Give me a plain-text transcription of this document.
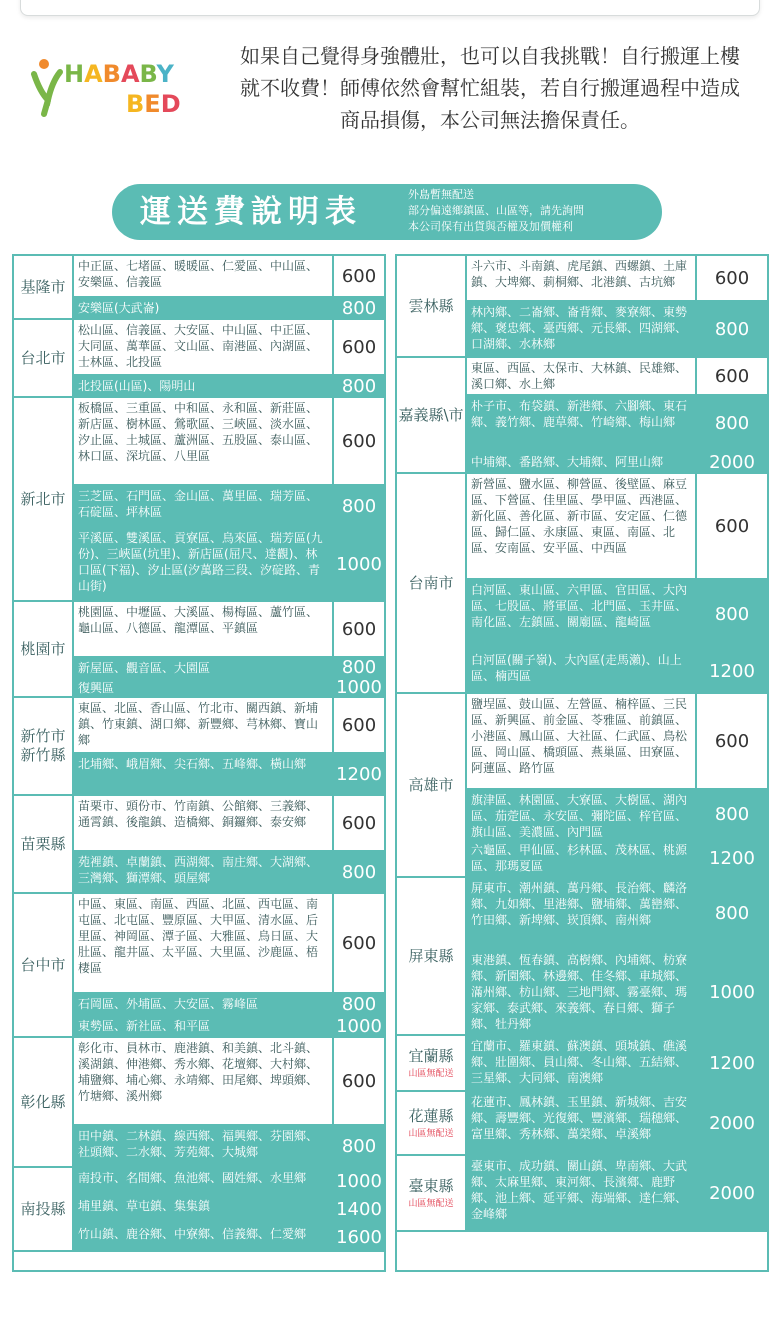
HABABY
BED
如果自己覺得身強體壯，也可以自我挑戰！自行搬運上樓
就不收費！師傅依然會幫忙組裝，若自行搬運過程中造成
商品損傷，本公司無法擔保責任。
運送費說明表	外島暫無配送
部分偏遠鄉鎮區、山區等，請先詢問
本公司保有出貨與否權及加價權利
基隆市
中正區、七堵區、暖暖區、仁愛區、中山區、安樂區、信義區	600
安樂區(大武崙)	800
台北市
松山區、信義區、大安區、中山區、中正區、大同區、萬華區、文山區、南港區、內湖區、士林區、北投區
600
北投區(山區)、陽明山	800
新北市
板橋區、三重區、中和區、永和區、新莊區、新店區、樹林區、鶯歌區、三峽區、淡水區、汐止區、土城區、蘆洲區、五股區、泰山區、林口區、深坑區、八里區
600
三芝區、石門區、金山區、萬里區、瑞芳區、石碇區、坪林區	800
平溪區、雙溪區、貢寮區、烏來區、瑞芳區(九份)、三峽區(坑里)、新店區(屈尺、達觀)、林口區(下福)、汐止區(汐萬路三段、汐碇路、青山街)
1000
桃園市
桃園區、中壢區、大溪區、楊梅區、蘆竹區、龜山區、八德區、龍潭區、平鎮區	600
新屋區、觀音區、大園區	800
復興區	1000
新竹市
新竹縣
東區、北區、香山區、竹北市、關西鎮、新埔鎮、竹東鎮、湖口鄉、新豐鄉、芎林鄉、寶山鄉
600
北埔鄉、峨眉鄉、尖石鄉、五峰鄉、橫山鄉	1200
苗栗縣
苗栗市、頭份市、竹南鎮、公館鄉、三義鄉、通霄鎮、後龍鎮、造橋鄉、銅鑼鄉、泰安鄉	600
苑裡鎮、卓蘭鎮、西湖鄉、南庄鄉、大湖鄉、三灣鄉、獅潭鄉、頭屋鄉	800
台中市
中區、東區、南區、西區、北區、西屯區、南屯區、北屯區、豐原區、大甲區、清水區、后里區、神岡區、潭子區、大雅區、烏日區、大肚區、龍井區、太平區、大里區、沙鹿區、梧棲區
600
石岡區、外埔區、大安區、霧峰區	800
東勢區、新社區、和平區	1000
彰化縣
彰化市、員林市、鹿港鎮、和美鎮、北斗鎮、溪湖鎮、伸港鄉、秀水鄉、花壇鄉、大村鄉、埔鹽鄉、埔心鄉、永靖鄉、田尾鄉、埤頭鄉、竹塘鄉、溪州鄉
600
田中鎮、二林鎮、線西鄉、福興鄉、芬園鄉、社頭鄉、二水鄉、芳苑鄉、大城鄉	800
南投縣
南投市、名間鄉、魚池鄉、國姓鄉、水里鄉	1000
埔里鎮、草屯鎮、集集鎮	1400
竹山鎮、鹿谷鄉、中寮鄉、信義鄉、仁愛鄉	1600
雲林縣
斗六市、斗南鎮、虎尾鎮、西螺鎮、土庫鎮、大埤鄉、莿桐鄉、北港鎮、古坑鄉	600
林內鄉、二崙鄉、崙背鄉、麥寮鄉、東勢鄉、褒忠鄉、臺西鄉、元長鄉、四湖鄉、口湖鄉、水林鄉
800
嘉義縣\市
東區、西區、太保市、大林鎮、民雄鄉、溪口鄉、水上鄉	600
朴子市、布袋鎮、新港鄉、六腳鄉、東石鄉、義竹鄉、鹿草鄉、竹崎鄉、梅山鄉	800
中埔鄉、番路鄉、大埔鄉、阿里山鄉	2000
台南市
新營區、鹽水區、柳營區、後壁區、麻豆區、下營區、佳里區、學甲區、西港區、新化區、善化區、新市區、安定區、仁德區、歸仁區、永康區、東區、南區、北區、安南區、安平區、中西區
600
白河區、東山區、六甲區、官田區、大內區、七股區、將軍區、北門區、玉井區、南化區、左鎮區、關廟區、龍崎區	800
白河區(關子嶺)、大內區(走馬瀨)、山上區、楠西區	1200
高雄市
鹽埕區、鼓山區、左營區、楠梓區、三民區、新興區、前金區、苓雅區、前鎮區、小港區、鳳山區、大社區、仁武區、鳥松區、岡山區、橋頭區、燕巢區、田寮區、阿蓮區、路竹區
600
旗津區、林園區、大寮區、大樹區、湖內區、茄萣區、永安區、彌陀區、梓官區、旗山區、美濃區、內門區
800
六龜區、甲仙區、杉林區、茂林區、桃源區、那瑪夏區	1200
屏東縣
屏東市、潮州鎮、萬丹鄉、長治鄉、麟洛鄉、九如鄉、里港鄉、鹽埔鄉、萬巒鄉、竹田鄉、新埤鄉、崁頂鄉、南州鄉	800
東港鎮、恆春鎮、高樹鄉、內埔鄉、枋寮鄉、新園鄉、林邊鄉、佳冬鄉、車城鄉、滿州鄉、枋山鄉、三地門鄉、霧臺鄉、瑪家鄉、泰武鄉、來義鄉、春日鄉、獅子鄉、牡丹鄉
1000
宜蘭縣
山區無配送
宜蘭市、羅東鎮、蘇澳鎮、頭城鎮、礁溪鄉、壯圍鄉、員山鄉、冬山鄉、五結鄉、三星鄉、大同鄉、南澳鄉
1200
花蓮縣
山區無配送
花蓮市、鳳林鎮、玉里鎮、新城鄉、吉安鄉、壽豐鄉、光復鄉、豐濱鄉、瑞穗鄉、富里鄉、秀林鄉、萬榮鄉、卓溪鄉
2000
臺東縣
山區無配送
臺東市、成功鎮、關山鎮、卑南鄉、大武鄉、太麻里鄉、東河鄉、長濱鄉、鹿野鄉、池上鄉、延平鄉、海端鄉、達仁鄉、金峰鄉
2000
